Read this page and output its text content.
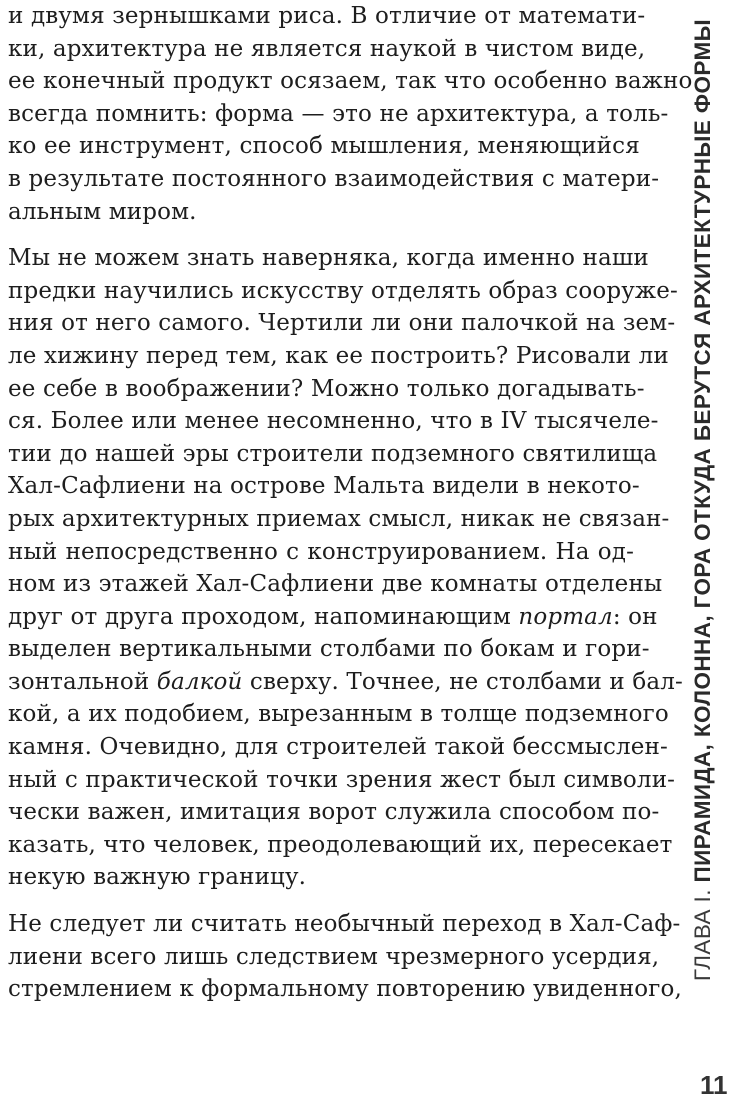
и двумя зернышками риса. В отличие от математи-
ки, архитектура не является наукой в чистом виде,
ее конечный продукт осязаем, так что особенно важно
всегда помнить: форма — это не архитектура, а толь-
ко ее инструмент, способ мышления, меняющийся
в результате постоянного взаимодействия с матери-
альным миром.

Мы не можем знать наверняка, когда именно наши
предки научились искусству отделять образ сооруже-
ния от него самого. Чертили ли они палочкой на зем-
ле хижину перед тем, как ее построить? Рисовали ли
ее себе в воображении? Можно только догадывать-
ся. Более или менее несомненно, что в IV тысячеле-
тии до нашей эры строители подземного святилища
Хал-Сафлиени на острове Мальта видели в некото-
рых архитектурных приемах смысл, никак не связан-
ный непосредственно с конструированием. На од-
ном из этажей Хал-Сафлиени две комнаты отделены
друг от друга проходом, напоминающим портал: он
выделен вертикальными столбами по бокам и гори-
зонтальной балкой сверху. Точнее, не столбами и бал-
кой, а их подобием, вырезанным в толще подземного
камня. Очевидно, для строителей такой бессмыслен-
ный с практической точки зрения жест был символи-
чески важен, имитация ворот служила способом по-
казать, что человек, преодолевающий их, пересекает
некую важную границу.

Не следует ли считать необычный переход в Хал-Саф-
лиени всего лишь следствием чрезмерного усердия,
стремлением к формальному повторению увиденного,

ГЛАВА I. ПИРАМИДА, КОЛОННА, ГОРА ОТКУДА БЕРУТСЯ АРХИТЕКТУРНЫЕ ФОРМЫ
11
